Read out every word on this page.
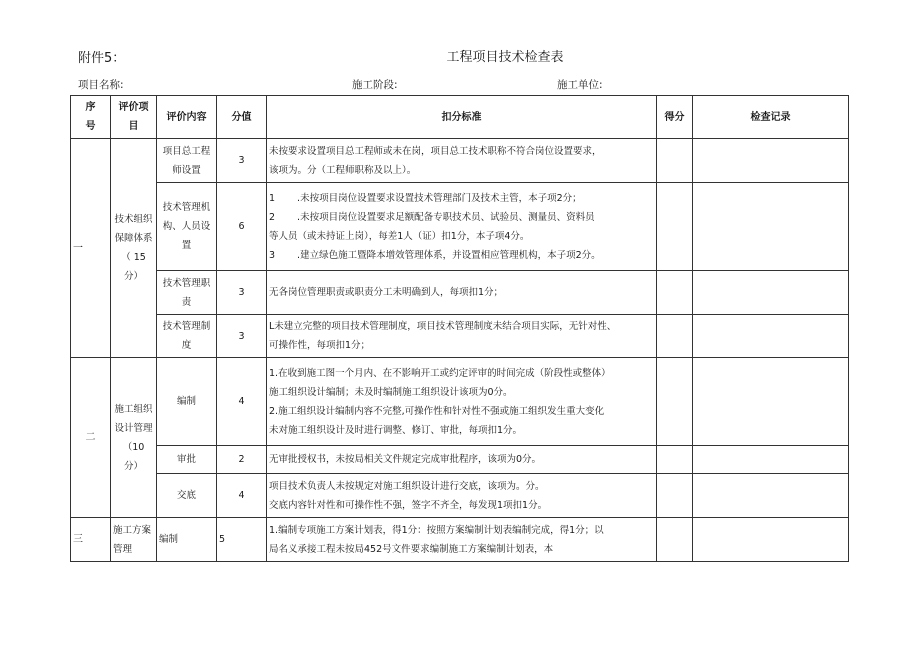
附件5：	工程项目技术检查表
项目名称:	施工阶段:	施工单位:
序
号	评价项
目	评价内容	分值	扣分标准	得分	检查记录
一	技术组织
保障体系
（ 15
分）	项目总工程
师设置	3	未按要求设置项目总工程师或未在岗，项目总工技术职称不符合岗位设置要求，
该项为。分（工程师职称及以上）。		

		技术管理机
构、人员设
置	6	1 .未按项目岗位设置要求设置技术管理部门及技术主管，本子项2分；
2 .未按项目岗位设置要求足额配备专职技术员、试验员、测量员、资料员
等人员（或未持证上岗），每差1人（证）扣1分，本子项4分。
3 .建立绿色施工暨降本增效管理体系，并设置相应管理机构，本子项2分。		

		技术管理职
责	3	无各岗位管理职责或职责分工未明确到人，每项扣1分；		

		技术管理制
度	3	L未建立完整的项目技术管理制度，项目技术管理制度未结合项目实际，无针对性、
可操作性，每项扣1分；		

二	施工组织
设计管理
（10
分）	编制	4	1.在收到施工图一个月内、在不影响开工或约定评审的时间完成（阶段性或整体）
施工组织设计编制；未及时编制施工组织设计该项为0分。
2.施工组织设计编制内容不完整,可操作性和针对性不强或施工组织发生重大变化
未对施工组织设计及时进行调整、修订、审批，每项扣1分。		

		审批	2	无审批授权书，未按局相关文件规定完成审批程序，该项为0分。		

		交底	4	项目技术负责人未按规定对施工组织设计进行交底，该项为。分。
交底内容针对性和可操作性不强，签字不齐全，每发现1项扣1分。		

三	施工方案
管理	编制	5	1.编制专项施工方案计划表，得1分：按照方案编制计划表编制完成，得1分；以
局名义承接工程未按局452号文件要求编制施工方案编制计划表，本		
